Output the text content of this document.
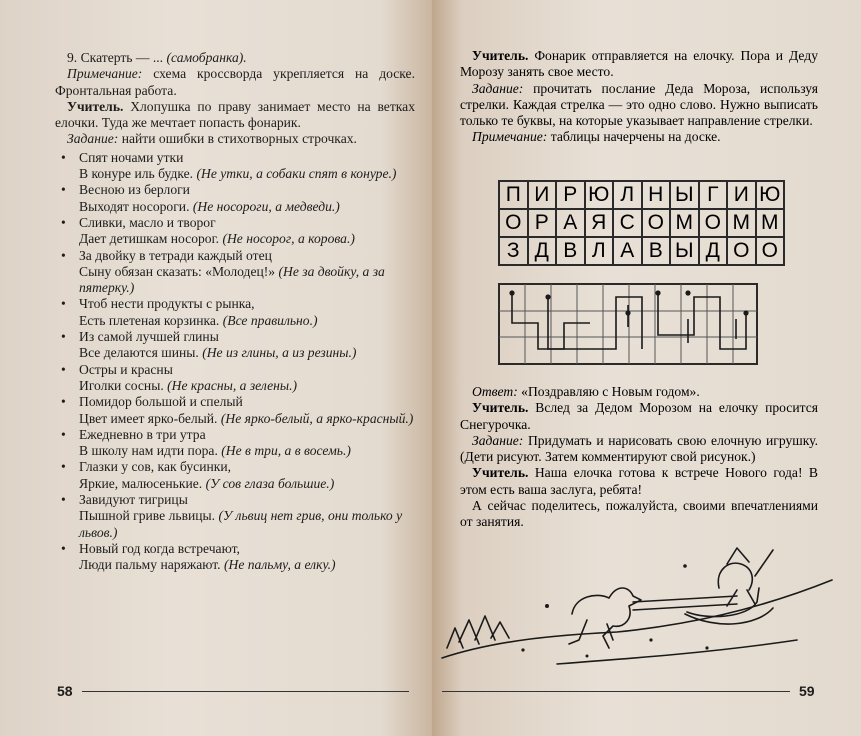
9. Скатерть — ... (самобранка).

Примечание: схема кроссворда укрепляется на доске. Фронтальная работа.

Учитель. Хлопушка по праву занимает место на ветках елочки. Туда же мечтает попасть фонарик.

Задание: найти ошибки в стихотворных строчках.

• Спят ночами утки
В конуре иль будке. (Не утки, а собаки спят в конуре.)
• Весною из берлоги
Выходят носороги. (Не носороги, а медведи.)
• Сливки, масло и творог
Дает детишкам носорог. (Не носорог, а корова.)
• За двойку в тетради каждый отец
Сыну обязан сказать: «Молодец!» (Не за двойку, а за пятерку.)
• Чтоб нести продукты с рынка,
Есть плетеная корзинка. (Все правильно.)
• Из самой лучшей глины
Все делаются шины. (Не из глины, а из резины.)
• Остры и красны
Иголки сосны. (Не красны, а зелены.)
• Помидор большой и спелый
Цвет имеет ярко-белый. (Не ярко-белый, а ярко-красный.)
• Ежедневно в три утра
В школу нам идти пора. (Не в три, а в восемь.)
• Глазки у сов, как бусинки,
Яркие, малюсенькие. (У сов глаза большие.)
• Завидуют тигрицы
Пышной гриве львицы. (У львиц нет грив, они только у львов.)
• Новый год когда встречают,
Люди пальму наряжают. (Не пальму, а елку.)
58	59

Учитель. Фонарик отправляется на елочку. Пора и Деду Морозу занять свое место.

Задание: прочитать послание Деда Мороза, используя стрелки. Каждая стрелка — это одно слово. Нужно выписать только те буквы, на которые указывает направление стрелки.

Примечание: таблицы начерчены на доске.

П	И	Р	Ю	Л	Н	Ы	Г	И	Ю
О	Р	А	Я	С	О	М	О	М	М
З	Д	В	Л	А	В	Ы	Д	О	О

Ответ: «Поздравляю с Новым годом».

Учитель. Вслед за Дедом Морозом на елочку просится Снегурочка.

Задание: Придумать и нарисовать свою елочную игрушку. (Дети рисуют. Затем комментируют свой рисунок.)

Учитель. Наша елочка готова к встрече Нового года! В этом есть ваша заслуга, ребята!

А сейчас поделитесь, пожалуйста, своими впечатлениями от занятия.
